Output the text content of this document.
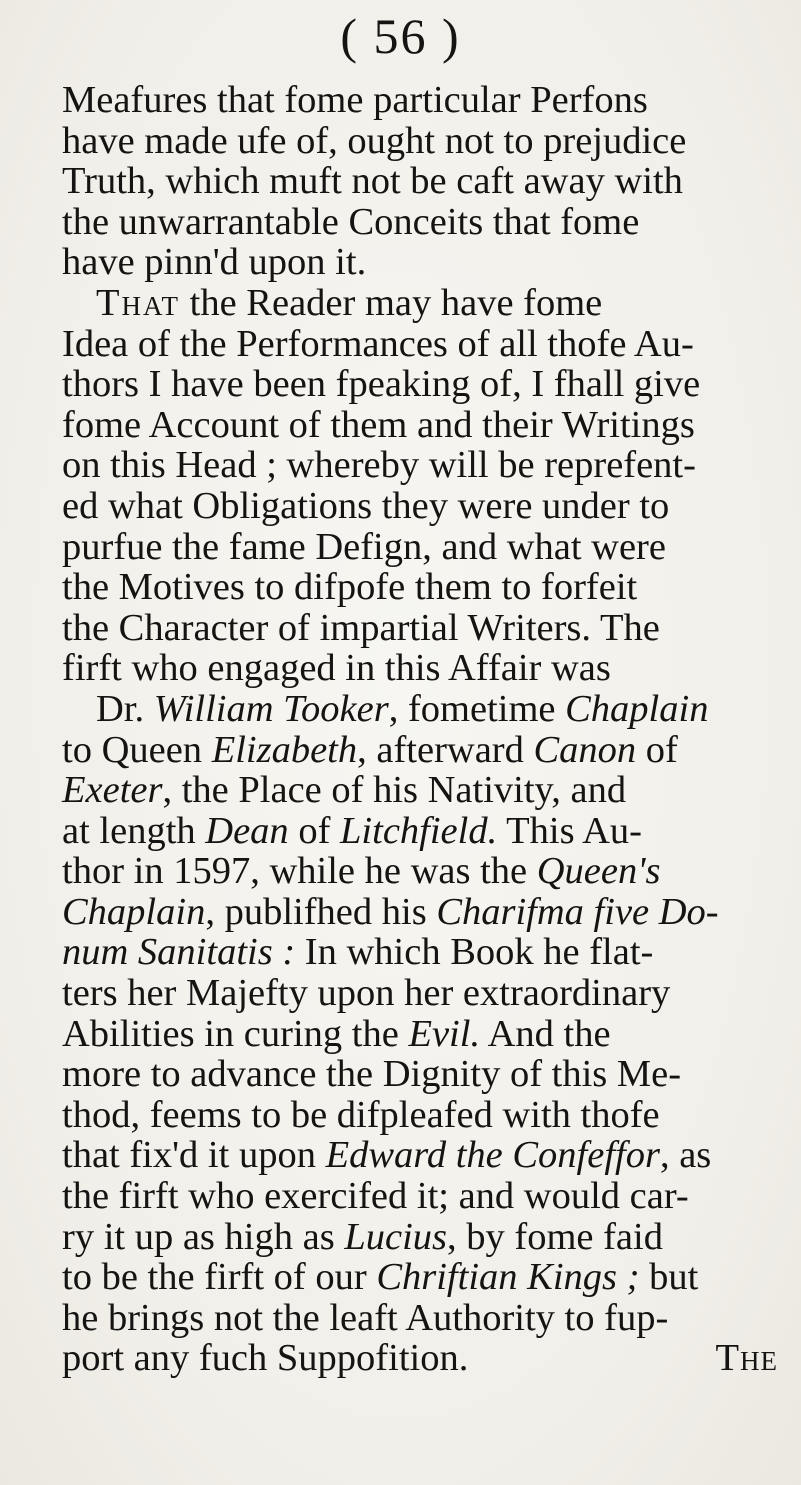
( 56 )
Meafures that fome particular Perfons
have made ufe of, ought not to prejudice
Truth, which muft not be caft away with
the unwarrantable Conceits that fome
have pinn'd upon it.
That the Reader may have fome
Idea of the Performances of all thofe Au-
thors I have been fpeaking of, I fhall give
fome Account of them and their Writings
on this Head ; whereby will be reprefent-
ed what Obligations they were under to
purfue the fame Defign, and what were
the Motives to difpofe them to forfeit
the Character of impartial Writers. The
firft who engaged in this Affair was
Dr. William Tooker, fometime Chaplain
to Queen Elizabeth, afterward Canon of
Exeter, the Place of his Nativity, and
at length Dean of Litchfield. This Au-
thor in 1597, while he was the Queen's
Chaplain, publifhed his Charifma five Do-
num Sanitatis : In which Book he flat-
ters her Majefty upon her extraordinary
Abilities in curing the Evil. And the
more to advance the Dignity of this Me-
thod, feems to be difpleafed with thofe
that fix'd it upon Edward the Confeffor, as
the firft who exercifed it; and would car-
ry it up as high as Lucius, by fome faid
to be the firft of our Chriftian Kings ; but
he brings not the leaft Authority to fup-
port any fuch Suppofition.	The
